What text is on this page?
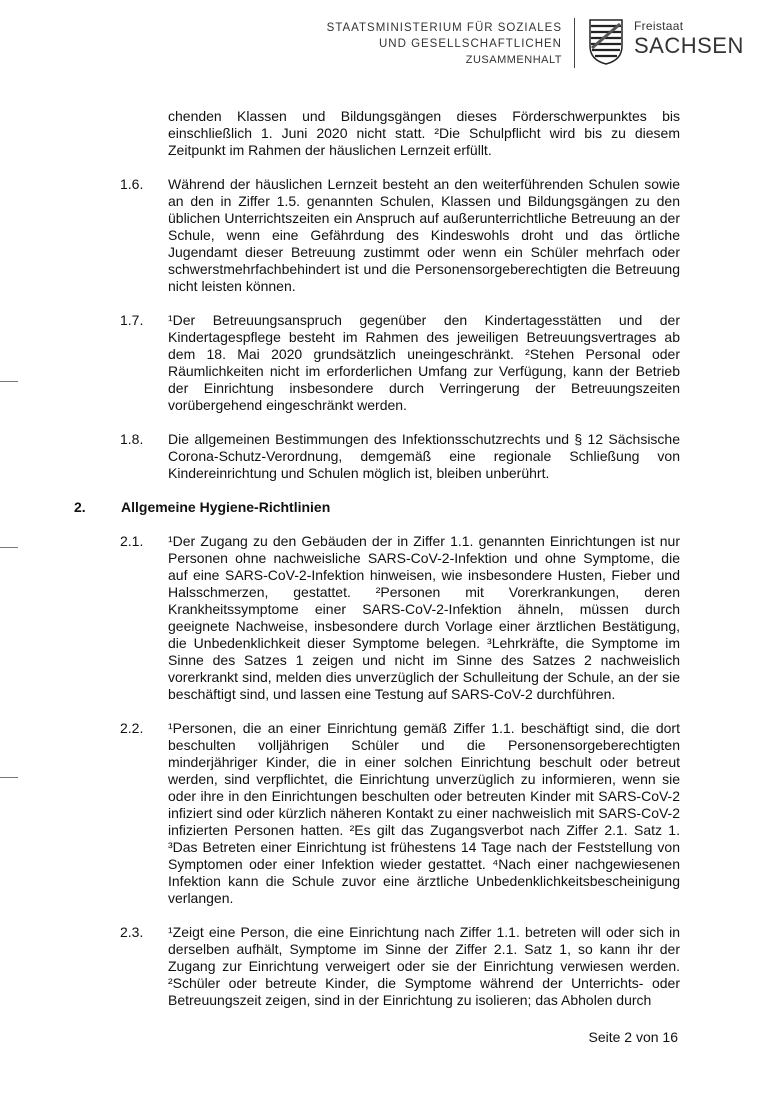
STAATSMINISTERIUM FÜR SOZIALES
UND GESELLSCHAFTLICHEN
ZUSAMMENHALT
Freistaat
SACHSEN
chenden Klassen und Bildungsgängen dieses Förderschwerpunktes bis einschließlich 1. Juni 2020 nicht statt. ²Die Schulpflicht wird bis zu diesem Zeitpunkt im Rahmen der häuslichen Lernzeit erfüllt.
1.6. Während der häuslichen Lernzeit besteht an den weiterführenden Schulen sowie an den in Ziffer 1.5. genannten Schulen, Klassen und Bildungsgängen zu den üblichen Unterrichtszeiten ein Anspruch auf außerunterrichtliche Betreuung an der Schule, wenn eine Gefährdung des Kindeswohls droht und das örtliche Jugendamt dieser Betreuung zustimmt oder wenn ein Schüler mehrfach oder schwerstmehrfachbehindert ist und die Personensorgeberechtigten die Betreuung nicht leisten können.
1.7. ¹Der Betreuungsanspruch gegenüber den Kindertagesstätten und der Kindertagespflege besteht im Rahmen des jeweiligen Betreuungsvertrages ab dem 18. Mai 2020 grundsätzlich uneingeschränkt. ²Stehen Personal oder Räumlichkeiten nicht im erforderlichen Umfang zur Verfügung, kann der Betrieb der Einrichtung insbesondere durch Verringerung der Betreuungszeiten vorübergehend eingeschränkt werden.
1.8. Die allgemeinen Bestimmungen des Infektionsschutzrechts und § 12 Sächsische Corona-Schutz-Verordnung, demgemäß eine regionale Schließung von Kindereinrichtung und Schulen möglich ist, bleiben unberührt.
2.	Allgemeine Hygiene-Richtlinien
2.1. ¹Der Zugang zu den Gebäuden der in Ziffer 1.1. genannten Einrichtungen ist nur Personen ohne nachweisliche SARS-CoV-2-Infektion und ohne Symptome, die auf eine SARS-CoV-2-Infektion hinweisen, wie insbesondere Husten, Fieber und Halsschmerzen, gestattet. ²Personen mit Vorerkrankungen, deren Krankheitssymptome einer SARS-CoV-2-Infektion ähneln, müssen durch geeignete Nachweise, insbesondere durch Vorlage einer ärztlichen Bestätigung, die Unbedenklichkeit dieser Symptome belegen. ³Lehrkräfte, die Symptome im Sinne des Satzes 1 zeigen und nicht im Sinne des Satzes 2 nachweislich vorerkrankt sind, melden dies unverzüglich der Schulleitung der Schule, an der sie beschäftigt sind, und lassen eine Testung auf SARS-CoV-2 durchführen.
2.2. ¹Personen, die an einer Einrichtung gemäß Ziffer 1.1. beschäftigt sind, die dort beschulten volljährigen Schüler und die Personensorgeberechtigten minderjähriger Kinder, die in einer solchen Einrichtung beschult oder betreut werden, sind verpflichtet, die Einrichtung unverzüglich zu informieren, wenn sie oder ihre in den Einrichtungen beschulten oder betreuten Kinder mit SARS-CoV-2 infiziert sind oder kürzlich näheren Kontakt zu einer nachweislich mit SARS-CoV-2 infizierten Personen hatten. ²Es gilt das Zugangsverbot nach Ziffer 2.1. Satz 1. ³Das Betreten einer Einrichtung ist frühestens 14 Tage nach der Feststellung von Symptomen oder einer Infektion wieder gestattet. ⁴Nach einer nachgewiesenen Infektion kann die Schule zuvor eine ärztliche Unbedenklichkeitsbescheinigung verlangen.
2.3. ¹Zeigt eine Person, die eine Einrichtung nach Ziffer 1.1. betreten will oder sich in derselben aufhält, Symptome im Sinne der Ziffer 2.1. Satz 1, so kann ihr der Zugang zur Einrichtung verweigert oder sie der Einrichtung verwiesen werden. ²Schüler oder betreute Kinder, die Symptome während der Unterrichts- oder Betreuungszeit zeigen, sind in der Einrichtung zu isolieren; das Abholen durch
Seite 2 von 16
